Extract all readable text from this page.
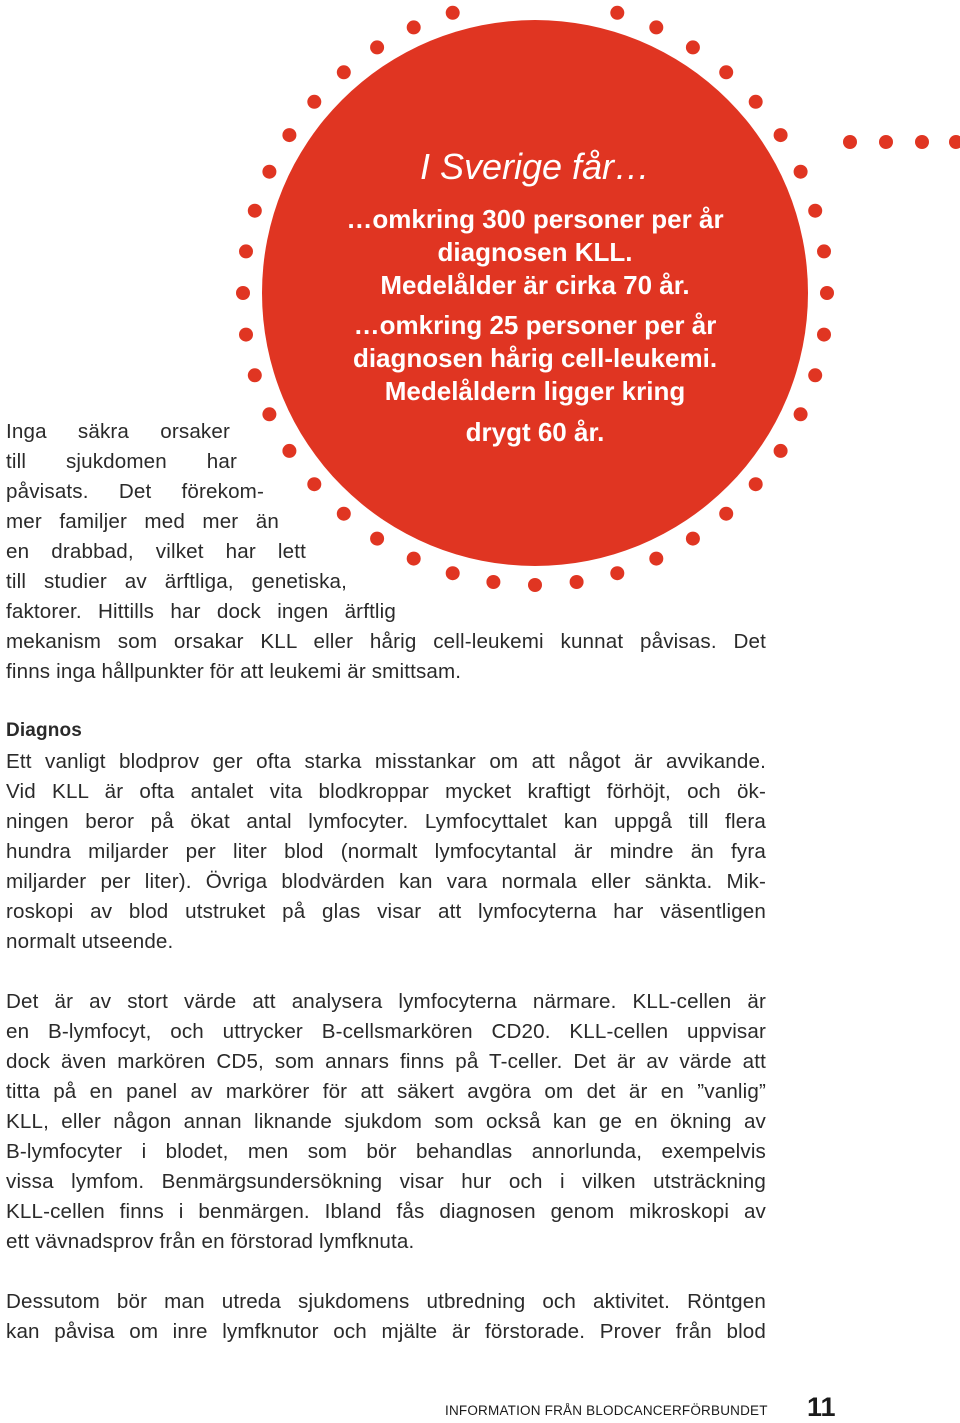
I Sverige får…

…omkring 300 personer per år

diagnosen KLL.

Medelålder är cirka 70 år.

…omkring 25 personer per år

diagnosen hårig cell-leukemi.

Medelåldern ligger kring

drygt 60 år.

Inga säkra orsaker

till sjukdomen har

påvisats. Det förekom-

mer familjer med mer än

en drabbad, vilket har lett

till studier av ärftliga, genetiska,

faktorer. Hittills har dock ingen ärftlig

mekanism som orsakar KLL eller hårig cell-leukemi kunnat påvisas. Det

finns inga hållpunkter för att leukemi är smittsam.

Diagnos

Ett vanligt blodprov ger ofta starka misstankar om att något är avvikande.

Vid KLL är ofta antalet vita blodkroppar mycket kraftigt förhöjt, och ök-

ningen beror på ökat antal lymfocyter. Lymfocyttalet kan uppgå till flera

hundra miljarder per liter blod (normalt lymfocytantal är mindre än fyra

miljarder per liter). Övriga blodvärden kan vara normala eller sänkta. Mik-

roskopi av blod utstruket på glas visar att lymfocyterna har väsentligen

normalt utseende.

Det är av stort värde att analysera lymfocyterna närmare. KLL-cellen är

en B-lymfocyt, och uttrycker B-cellsmarkören CD20. KLL-cellen uppvisar

dock även markören CD5, som annars finns på T-celler. Det är av värde att

titta på en panel av markörer för att säkert avgöra om det är en ”vanlig”

KLL, eller någon annan liknande sjukdom som också kan ge en ökning av

B-lymfocyter i blodet, men som bör behandlas annorlunda, exempelvis

vissa lymfom. Benmärgsundersökning visar hur och i vilken utsträckning

KLL-cellen finns i benmärgen. Ibland fås diagnosen genom mikroskopi av

ett vävnadsprov från en förstorad lymfknuta.

Dessutom bör man utreda sjukdomens utbredning och aktivitet. Röntgen

kan påvisa om inre lymfknutor och mjälte är förstorade. Prover från blod

INFORMATION FRÅN BLODCANCERFÖRBUNDET 11
